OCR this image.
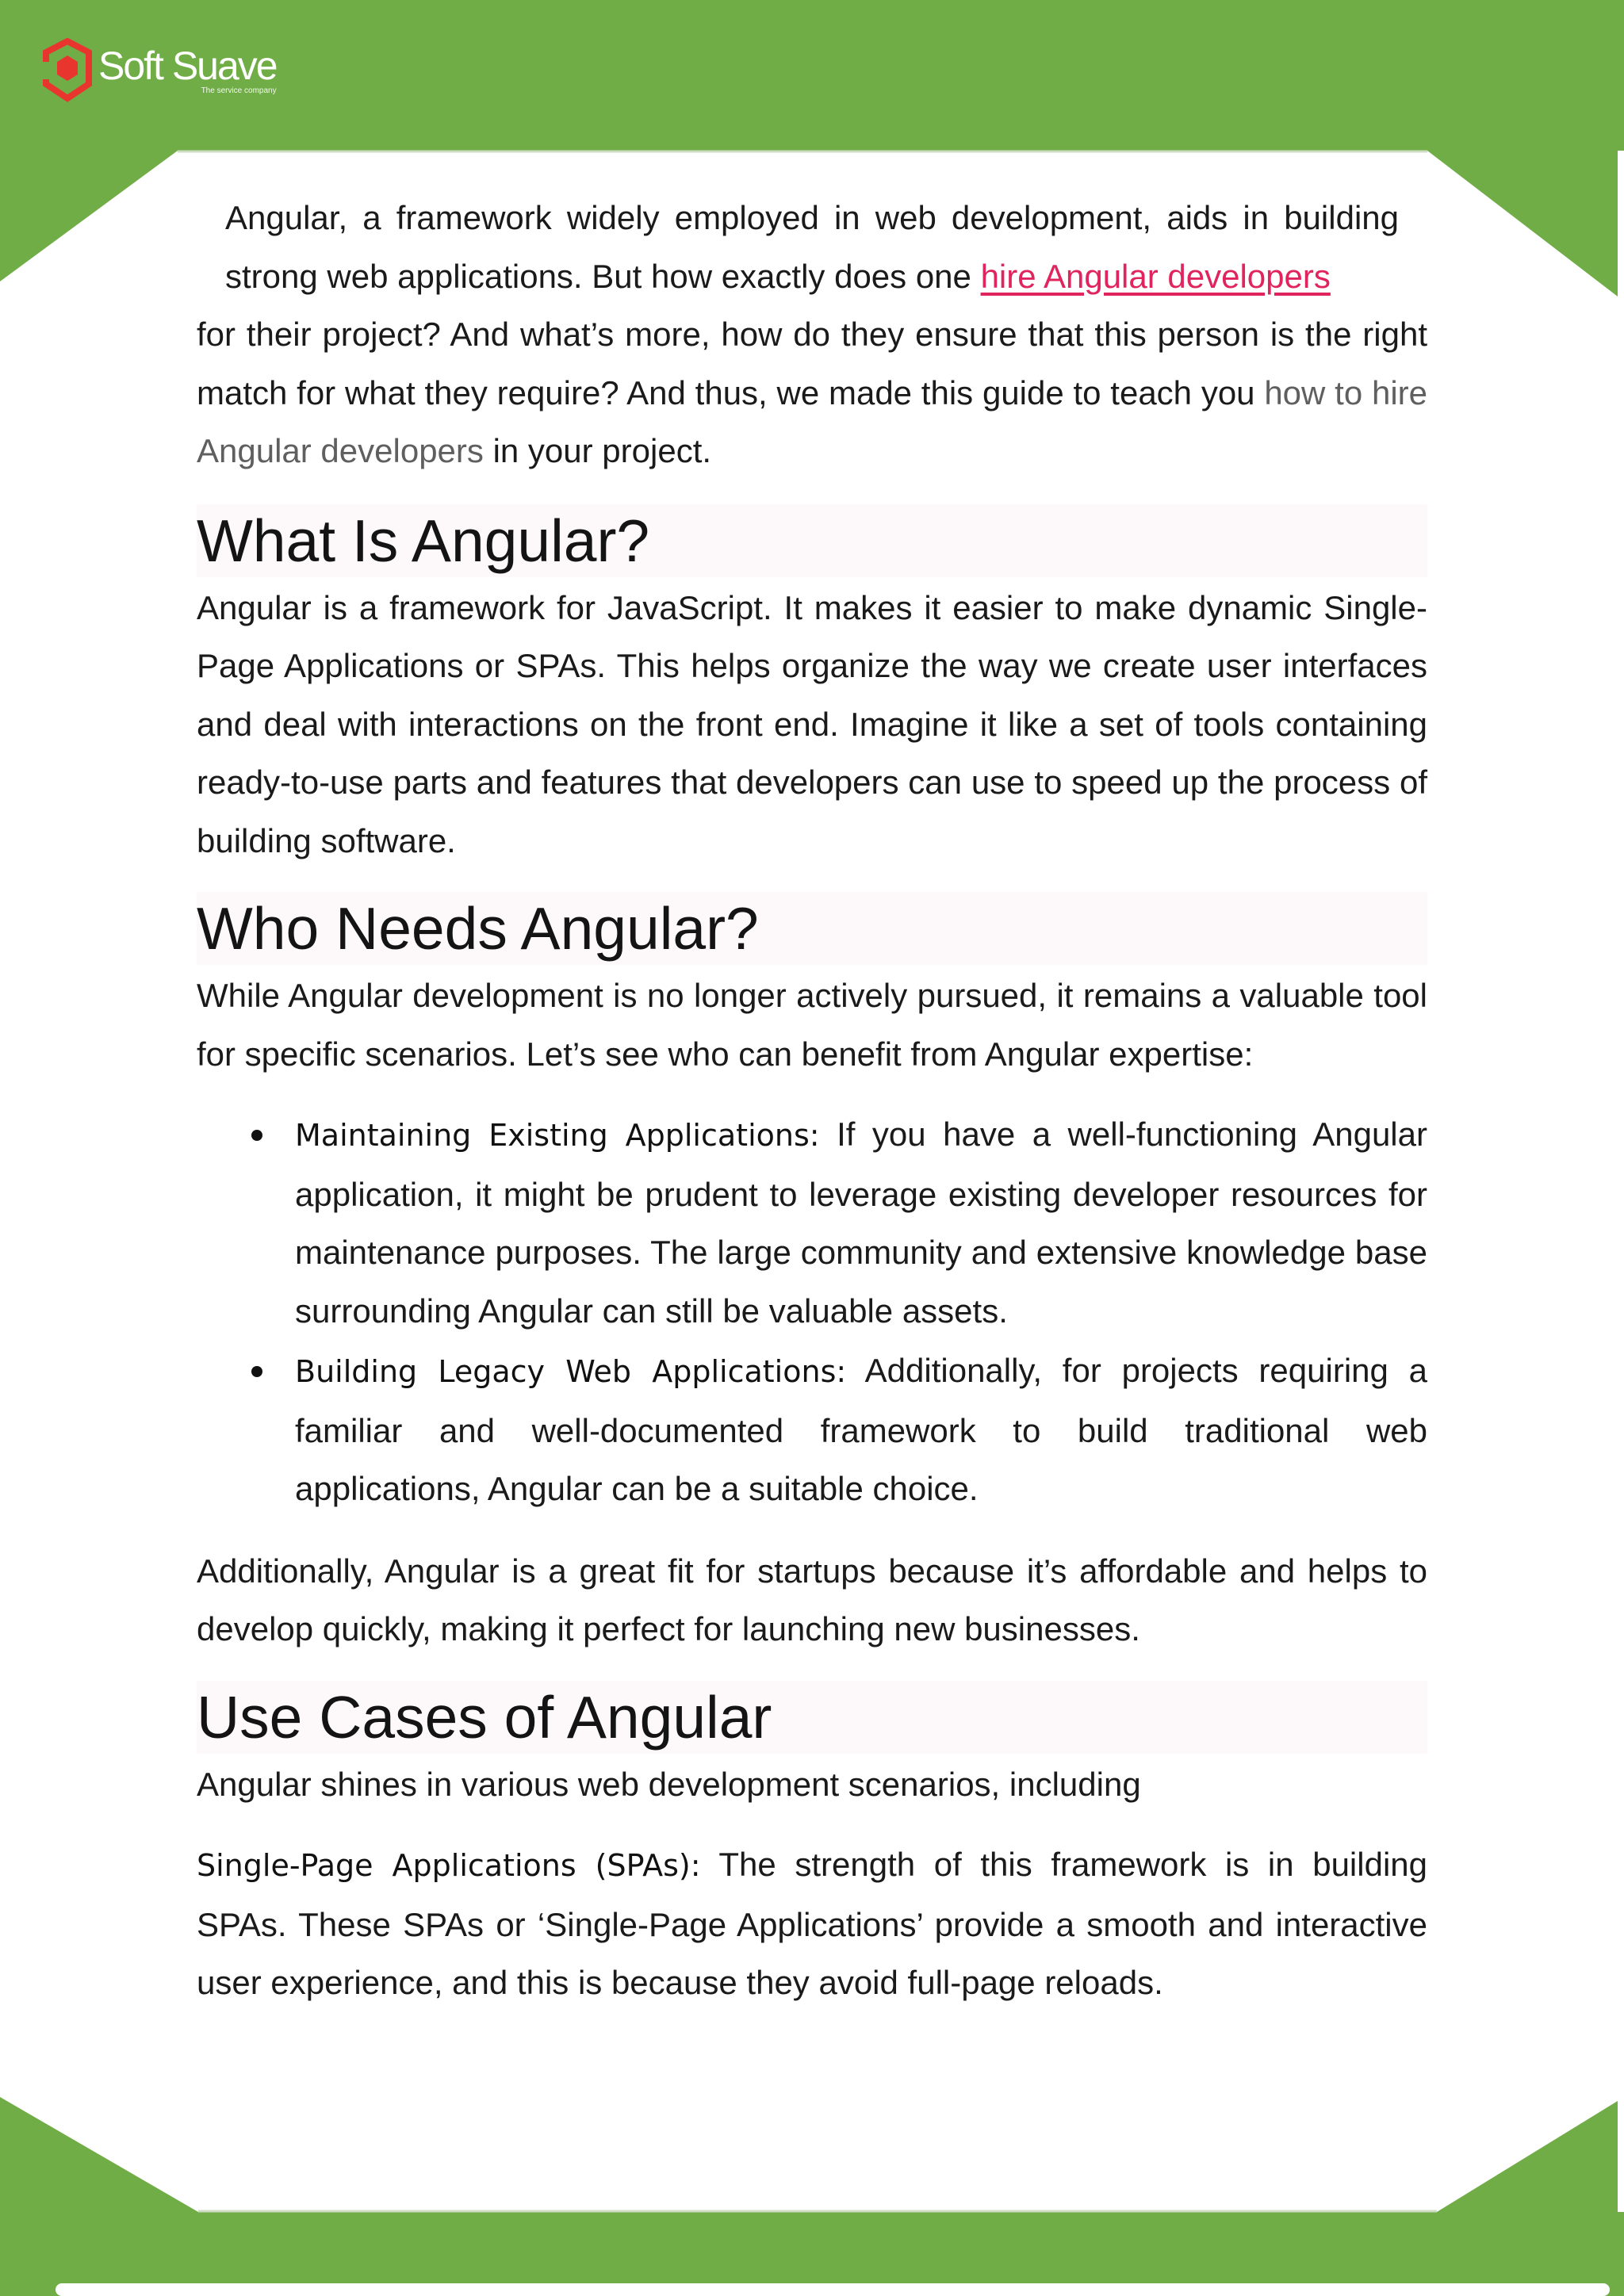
Soft Suave
The service company

Angular, a framework widely employed in web development, aids in building strong web applications. But how exactly does one hire Angular developers
for their project? And what’s more, how do they ensure that this person is the right match for what they require? And thus, we made this guide to teach you how to hire Angular developers in your project.

What Is Angular?

Angular is a framework for JavaScript. It makes it easier to make dynamic Single-Page Applications or SPAs. This helps organize the way we create user interfaces and deal with interactions on the front end. Imagine it like a set of tools containing ready-to-use parts and features that developers can use to speed up the process of building software.

Who Needs Angular?

While Angular development is no longer actively pursued, it remains a valuable tool for specific scenarios. Let’s see who can benefit from Angular expertise:

Maintaining Existing Applications: If you have a well-functioning Angular application, it might be prudent to leverage existing developer resources for maintenance purposes. The large community and extensive knowledge base surrounding Angular can still be valuable assets.
Building Legacy Web Applications: Additionally, for projects requiring a familiar and well-documented framework to build traditional web applications, Angular can be a suitable choice.

Additionally, Angular is a great fit for startups because it’s affordable and helps to develop quickly, making it perfect for launching new businesses.

Use Cases of Angular

Angular shines in various web development scenarios, including

Single-Page Applications (SPAs): The strength of this framework is in building SPAs. These SPAs or ‘Single-Page Applications’ provide a smooth and interactive user experience, and this is because they avoid full-page reloads.
